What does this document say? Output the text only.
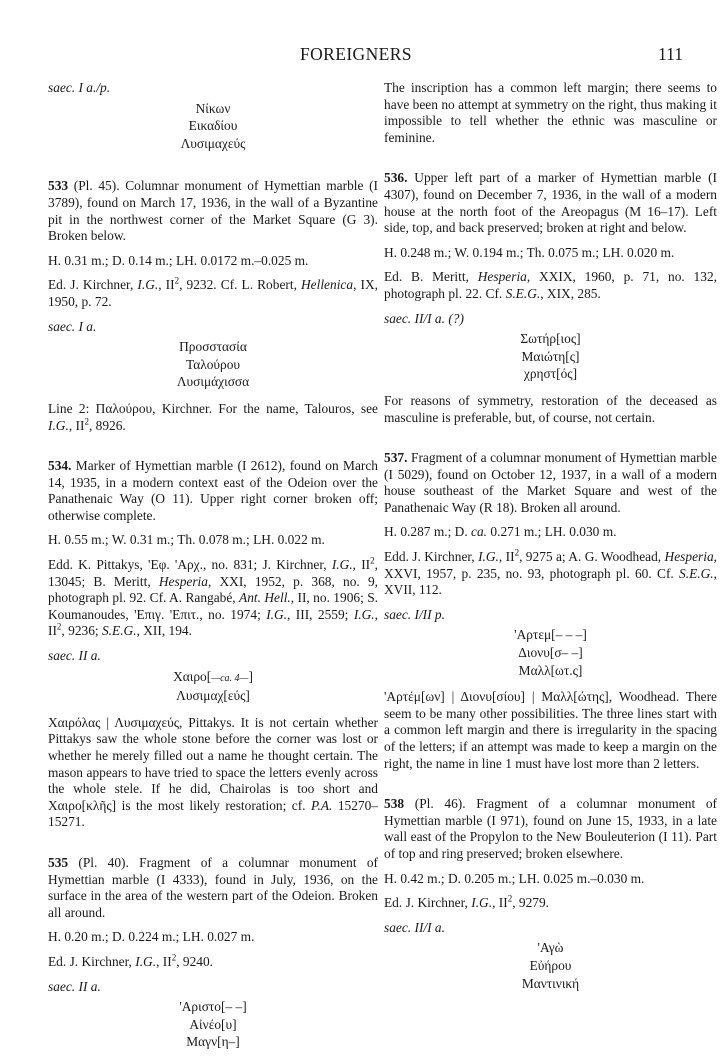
FOREIGNERS	111
saec. I a./p.
Νίκων
Εικαδίου
Λυσιμαχεύς

533 (Pl. 45). Columnar monument of Hymettian marble (I 3789), found on March 17, 1936, in the wall of a Byzantine pit in the northwest corner of the Market Square (G 3). Broken below.

H. 0.31 m.; D. 0.14 m.; LH. 0.0172 m.–0.025 m.

Ed. J. Kirchner, I.G., $II^2$, 9232. Cf. L. Robert, Hellenica, IX, 1950, p. 72.

saec. I a.
Προσστασία
Ταλούρου
Λυσιμάχισσα

Line 2: Παλούρου, Kirchner. For the name, Talouros, see I.G., $II^2$, 8926.

534. Marker of Hymettian marble (I 2612), found on March 14, 1935, in a modern context east of the Odeion over the Panathenaic Way (O 11). Upper right corner broken off; otherwise complete.

H. 0.55 m.; W. 0.31 m.; Th. 0.078 m.; LH. 0.022 m.

Edd. K. Pittakys, 'Εφ. 'Αρχ., no. 831; J. Kirchner, I.G., $II^2$, 13045; B. Meritt, Hesperia, XXI, 1952, p. 368, no. 9, photograph pl. 92. Cf. A. Rangabé, Ant. Hell., II, no. 1906; S. Koumanoudes, 'Επιγ. 'Επιτ., no. 1974; I.G., III, 2559; I.G., $II^2$, 9236; S.E.G., XII, 194.

saec. II a.
Χαιρο[—ca. 4—]
Λυσιμαχ[εύς]

Χαιρόλας | Λυσιμαχεύς, Pittakys. It is not certain whether Pittakys saw the whole stone before the corner was lost or whether he merely filled out a name he thought certain. The mason appears to have tried to space the letters evenly across the whole stele. If he did, Chairolas is too short and Χαιρο[κλῆς] is the most likely restoration; cf. P.A. 15270–15271.

535 (Pl. 40). Fragment of a columnar monument of Hymettian marble (I 4333), found in July, 1936, on the surface in the area of the western part of the Odeion. Broken all around.

H. 0.20 m.; D. 0.224 m.; LH. 0.027 m.

Ed. J. Kirchner, I.G., $II^2$, 9240.

saec. II a.
'Αριστο[– –]
Αἰνέο[υ]
Μαγν[η–]

The inscription has a common left margin; there seems to have been no attempt at symmetry on the right, thus making it impossible to tell whether the ethnic was masculine or feminine.

536. Upper left part of a marker of Hymettian marble (I 4307), found on December 7, 1936, in the wall of a modern house at the north foot of the Areopagus (M 16–17). Left side, top, and back preserved; broken at right and below.

H. 0.248 m.; W. 0.194 m.; Th. 0.075 m.; LH. 0.020 m.

Ed. B. Meritt, Hesperia, XXIX, 1960, p. 71, no. 132, photograph pl. 22. Cf. S.E.G., XIX, 285.

saec. II/I a. (?)
Σωτήρ[ιος]
Μαιώτη[ς]
χρηστ[ός]

For reasons of symmetry, restoration of the deceased as masculine is preferable, but, of course, not certain.

537. Fragment of a columnar monument of Hymettian marble (I 5029), found on October 12, 1937, in a wall of a modern house southeast of the Market Square and west of the Panathenaic Way (R 18). Broken all around.

H. 0.287 m.; D. ca. 0.271 m.; LH. 0.030 m.

Edd. J. Kirchner, I.G., $II^2$, 9275 a; A. G. Woodhead, Hesperia, XXVI, 1957, p. 235, no. 93, photograph pl. 60. Cf. S.E.G., XVII, 112.

saec. I/II p.
'Αρτεμ[– – –]
Διονυ[σ– –]
Μαλλ[ωτ.ς]

'Αρτέμ[ων] | Διονυ[σίου] | Μαλλ[ώτης], Woodhead. There seem to be many other possibilities. The three lines start with a common left margin and there is irregularity in the spacing of the letters; if an attempt was made to keep a margin on the right, the name in line 1 must have lost more than 2 letters.

538 (Pl. 46). Fragment of a columnar monument of Hymettian marble (I 971), found on June 15, 1933, in a late wall east of the Propylon to the New Bouleuterion (I 11). Part of top and ring preserved; broken elsewhere.

H. 0.42 m.; D. 0.205 m.; LH. 0.025 m.–0.030 m.

Ed. J. Kirchner, I.G., $II^2$, 9279.

saec. II/I a.
'Αγὼ
Εὐήρου
Μαντινική
